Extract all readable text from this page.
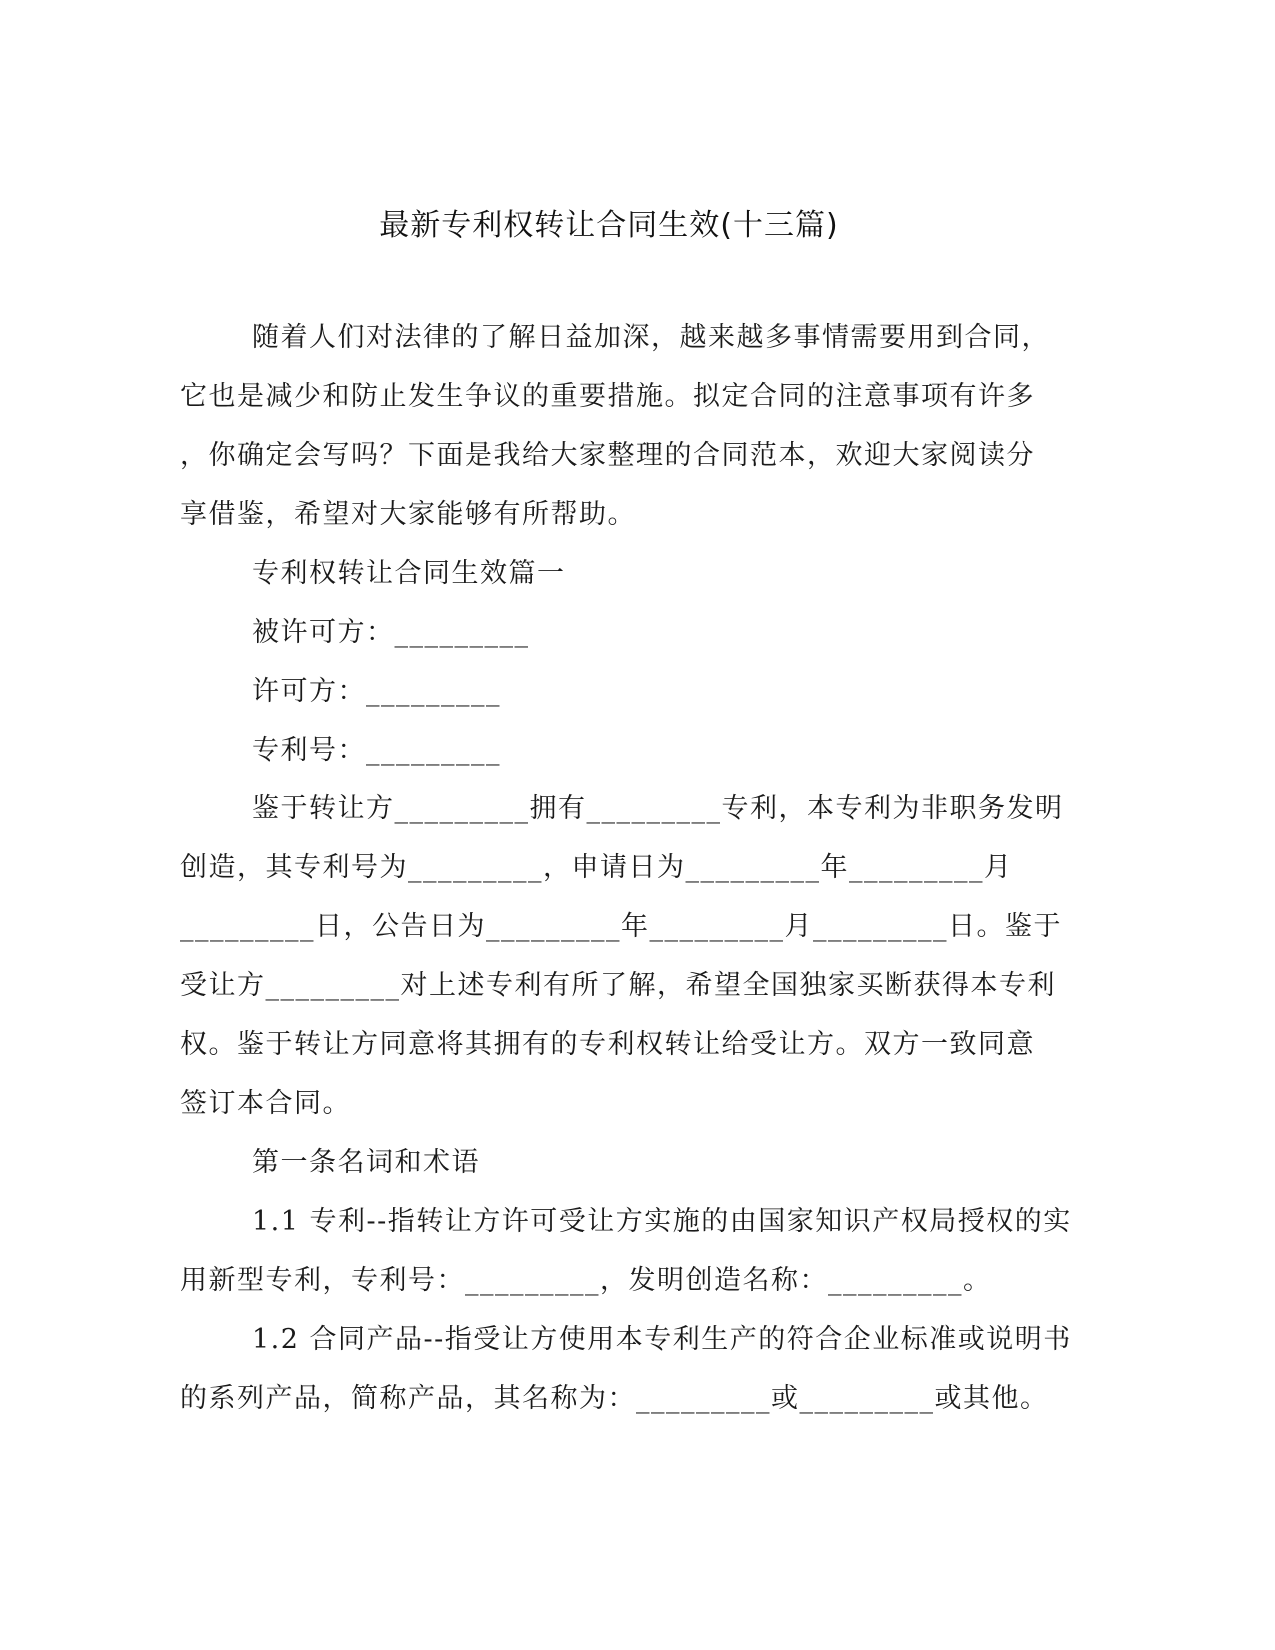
最新专利权转让合同生效(十三篇)
随着人们对法律的了解日益加深，越来越多事情需要用到合同，
它也是减少和防止发生争议的重要措施。拟定合同的注意事项有许多
，你确定会写吗？下面是我给大家整理的合同范本，欢迎大家阅读分
享借鉴，希望对大家能够有所帮助。
专利权转让合同生效篇一
被许可方：_________
许可方：_________
专利号：_________
鉴于转让方_________拥有_________专利，本专利为非职务发明
创造，其专利号为_________，申请日为_________年_________月
_________日，公告日为_________年_________月_________日。鉴于
受让方_________对上述专利有所了解，希望全国独家买断获得本专利
权。鉴于转让方同意将其拥有的专利权转让给受让方。双方一致同意
签订本合同。
第一条名词和术语
1.1 专利--指转让方许可受让方实施的由国家知识产权局授权的实
用新型专利，专利号：_________，发明创造名称：_________。
1.2 合同产品--指受让方使用本专利生产的符合企业标准或说明书
的系列产品，简称产品，其名称为：_________或_________或其他。
